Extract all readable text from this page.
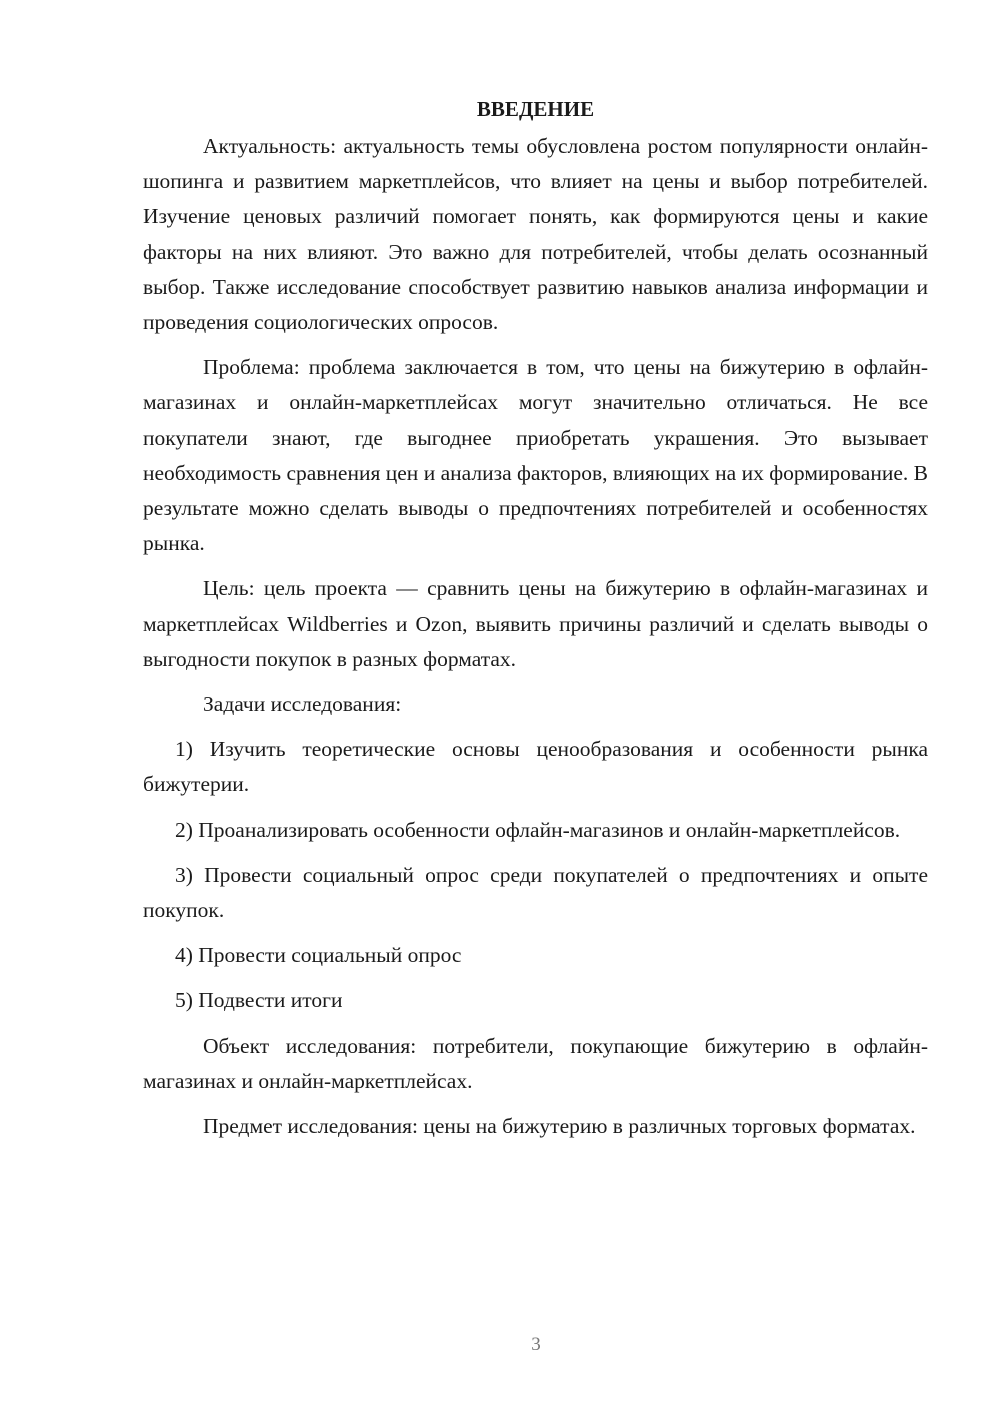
ВВЕДЕНИЕ

Актуальность: актуальность темы обусловлена ростом популярности онлайн-шопинга и развитием маркетплейсов, что влияет на цены и выбор потребителей. Изучение ценовых различий помогает понять, как формируются цены и какие факторы на них влияют. Это важно для потребителей, чтобы делать осознанный выбор. Также исследование способствует развитию навыков анализа информации и проведения социологических опросов.

Проблема: проблема заключается в том, что цены на бижутерию в офлайн-магазинах и онлайн-маркетплейсах могут значительно отличаться. Не все покупатели знают, где выгоднее приобретать украшения. Это вызывает необходимость сравнения цен и анализа факторов, влияющих на их формирование. В результате можно сделать выводы о предпочтениях потребителей и особенностях рынка.

Цель: цель проекта — сравнить цены на бижутерию в офлайн-магазинах и маркетплейсах Wildberries и Ozon, выявить причины различий и сделать выводы о выгодности покупок в разных форматах.

Задачи исследования:

1) Изучить теоретические основы ценообразования и особенности рынка бижутерии.

2) Проанализировать особенности офлайн-магазинов и онлайн-маркетплейсов.

3) Провести социальный опрос среди покупателей о предпочтениях и опыте покупок.

4) Провести социальный опрос

5) Подвести итоги

Объект исследования: потребители, покупающие бижутерию в офлайн-магазинах и онлайн-маркетплейсах.

Предмет исследования: цены на бижутерию в различных торговых форматах.

3
